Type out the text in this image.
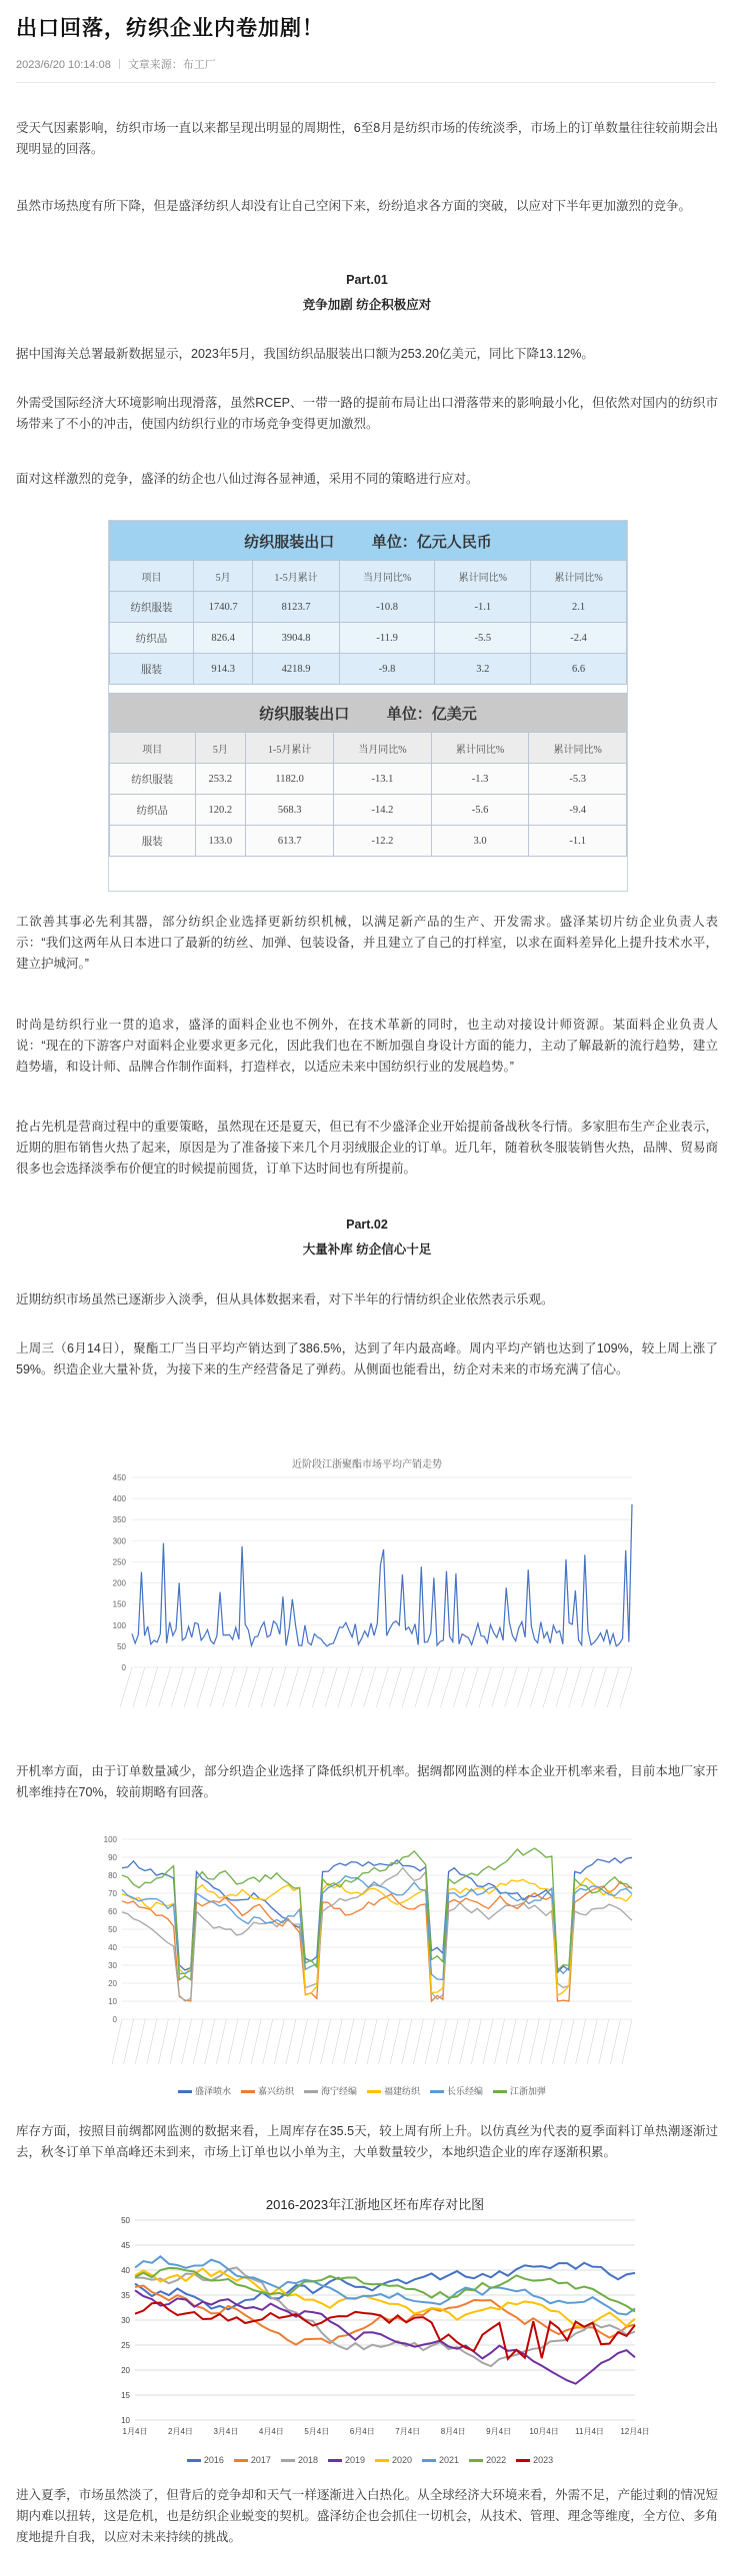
出口回落，纺织企业内卷加剧！
2023/6/20 10:14:08 文章来源：布工厂

受天气因素影响，纺织市场一直以来都呈现出明显的周期性，6至8月是纺织市场的传统淡季，市场上的订单数量往往较前期会出现明显的回落。

虽然市场热度有所下降，但是盛泽纺织人却没有让自己空闲下来，纷纷追求各方面的突破，以应对下半年更加激烈的竞争。

Part.01
竞争加剧 纺企积极应对

据中国海关总署最新数据显示，2023年5月，我国纺织品服装出口额为253.20亿美元，同比下降13.12%。

外需受国际经济大环境影响出现滑落，虽然RCEP、一带一路的提前布局让出口滑落带来的影响最小化，但依然对国内的纺织市场带来了不小的冲击，使国内纺织行业的市场竞争变得更加激烈。

面对这样激烈的竞争，盛泽的纺企也八仙过海各显神通，采用不同的策略进行应对。

纺织服装出口          单位：亿元人民币					
项目	5月	1-5月累计	当月同比%	累计同比%	累计同比%
纺织服装	1740.7	8123.7	-10.8	-1.1	2.1
纺织品	826.4	3904.8	-11.9	-5.5	-2.4
服装	914.3	4218.9	-9.8	3.2	6.6
纺织服装出口          单位：亿美元					
项目	5月	1-5月累计	当月同比%	累计同比%	累计同比%
纺织服装	253.2	1182.0	-13.1	-1.3	-5.3
纺织品	120.2	568.3	-14.2	-5.6	-9.4
服装	133.0	613.7	-12.2	3.0	-1.1

工欲善其事必先利其器，部分纺织企业选择更新纺织机械，以满足新产品的生产、开发需求。盛泽某切片纺企业负责人表示：“我们这两年从日本进口了最新的纺丝、加弹、包装设备，并且建立了自己的打样室，以求在面料差异化上提升技术水平，建立护城河。”

时尚是纺织行业一贯的追求，盛泽的面料企业也不例外，在技术革新的同时，也主动对接设计师资源。某面料企业负责人说：“现在的下游客户对面料企业要求更多元化，因此我们也在不断加强自身设计方面的能力，主动了解最新的流行趋势，建立趋势墙，和设计师、品牌合作制作面料，打造样衣，以适应未来中国纺织行业的发展趋势。”

抢占先机是营商过程中的重要策略，虽然现在还是夏天，但已有不少盛泽企业开始提前备战秋冬行情。多家胆布生产企业表示，近期的胆布销售火热了起来，原因是为了准备接下来几个月羽绒服企业的订单。近几年，随着秋冬服装销售火热，品牌、贸易商很多也会选择淡季布价便宜的时候提前囤货，订单下达时间也有所提前。

Part.02
大量补库 纺企信心十足

近期纺织市场虽然已逐渐步入淡季，但从具体数据来看，对下半年的行情纺织企业依然表示乐观。

上周三（6月14日），聚酯工厂当日平均产销达到了386.5%，达到了年内最高峰。周内平均产销也达到了109%，较上周上涨了59%。织造企业大量补货，为接下来的生产经营备足了弹药。从侧面也能看出，纺企对未来的市场充满了信心。

近阶段江浙聚酯市场平均产销走势
450
400
350
300
250
200
150
100
50
0

开机率方面，由于订单数量减少，部分织造企业选择了降低织机开机率。据绸都网监测的样本企业开机率来看，目前本地厂家开机率维持在70%，较前期略有回落。

100
90
80
70
60
50
40
30
20
10
0
盛泽喷水	嘉兴纺织	海宁经编	福建纺织	长乐经编	江浙加弹

库存方面，按照目前绸都网监测的数据来看，上周库存在35.5天，较上周有所上升。以仿真丝为代表的夏季面料订单热潮逐渐过去，秋冬订单下单高峰还未到来，市场上订单也以小单为主，大单数量较少，本地织造企业的库存逐渐积累。

2016-2023年江浙地区坯布库存对比图
50
45
40
35
30
25
20
15
10
1月4日	2月4日	3月4日	4月4日	5月4日	6月4日	7月4日	8月4日	9月4日 10月4日 11月4日 12月4日
2016	2017	2018	2019	2020	2021	2022	2023

进入夏季，市场虽然淡了，但背后的竞争却和天气一样逐渐进入白热化。从全球经济大环境来看，外需不足，产能过剩的情况短期内难以扭转，这是危机，也是纺织企业蜕变的契机。盛泽纺企也会抓住一切机会，从技术、管理、理念等维度，全方位、多角度地提升自我，以应对未来持续的挑战。
